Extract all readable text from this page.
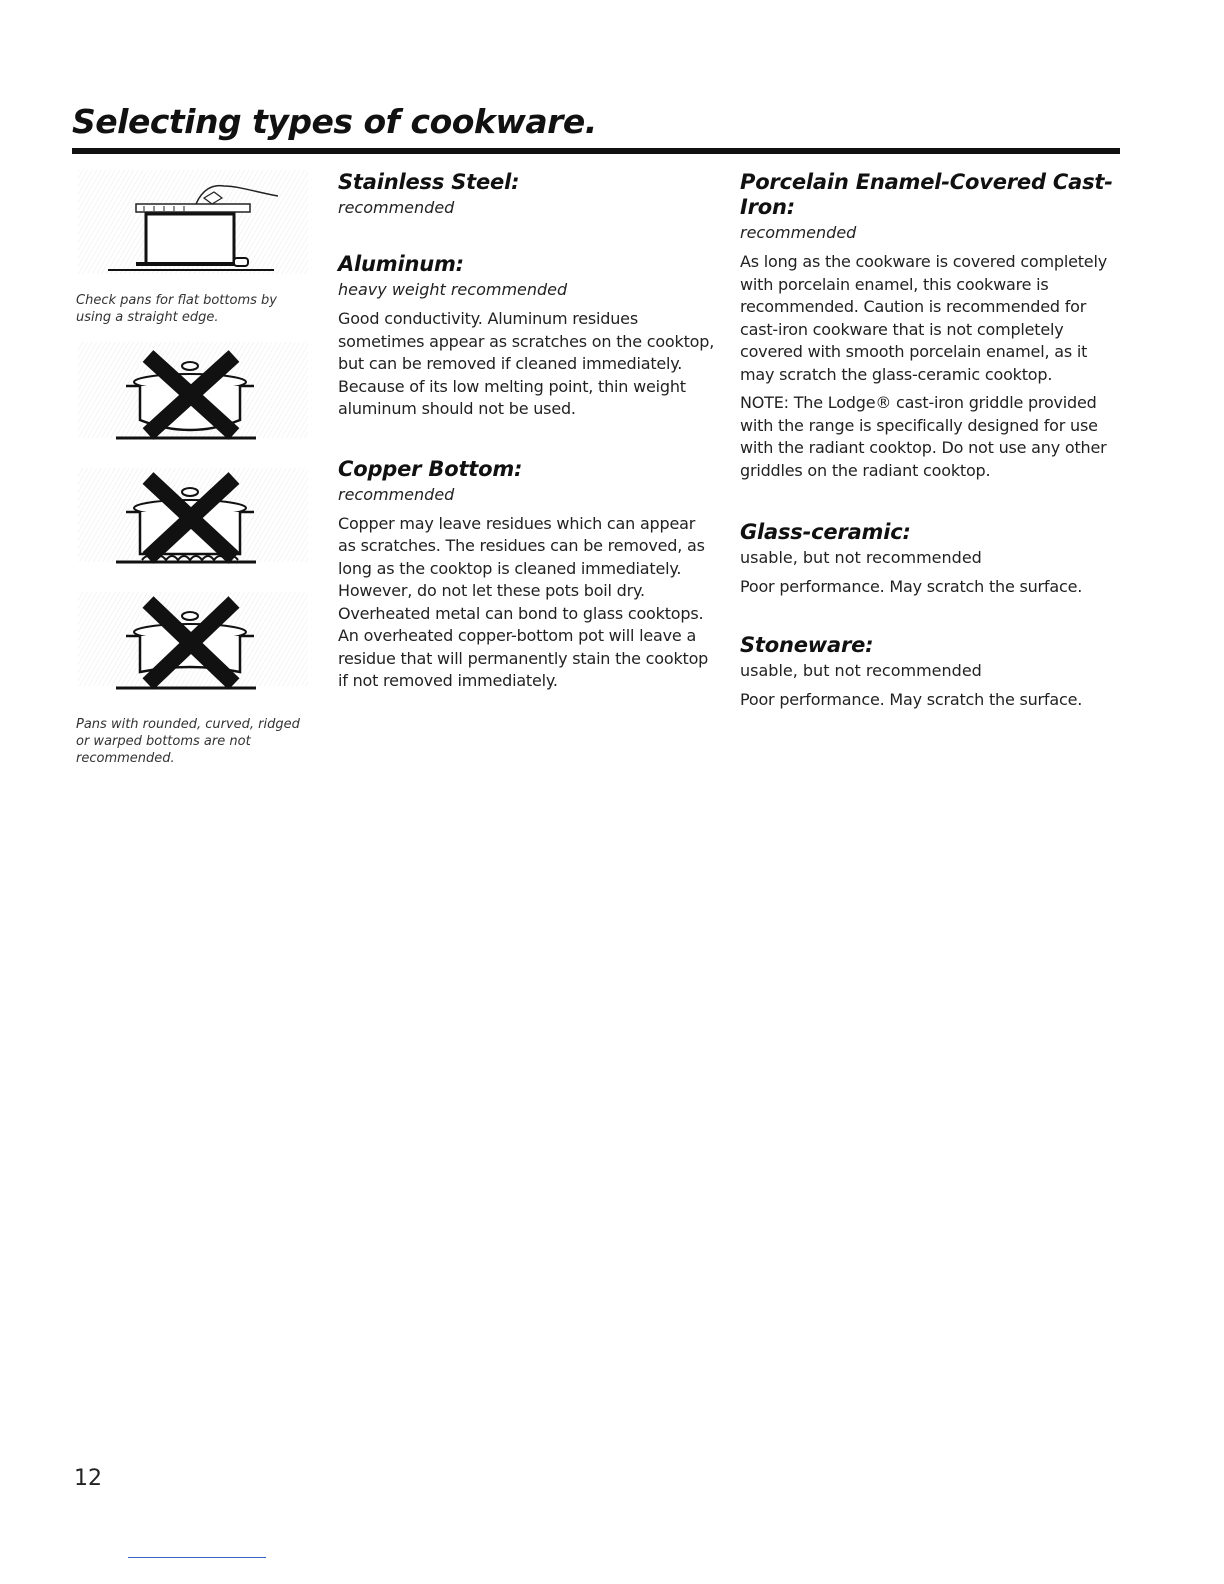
Selecting types of cookware.

Check pans for flat bottoms by using a straight edge.

Pans with rounded, curved, ridged or warped bottoms are not recommended.

Stainless Steel:
recommended
Aluminum:
heavy weight recommended

Good conductivity. Aluminum residues sometimes appear as scratches on the cooktop, but can be removed if cleaned immediately. Because of its low melting point, thin weight aluminum should not be used.

Copper Bottom:
recommended

Copper may leave residues which can appear as scratches. The residues can be removed, as long as the cooktop is cleaned immediately. However, do not let these pots boil dry. Overheated metal can bond to glass cooktops. An overheated copper-bottom pot will leave a residue that will permanently stain the cooktop if not removed immediately.

Porcelain Enamel-Covered Cast-Iron:
recommended

As long as the cookware is covered completely with porcelain enamel, this cookware is recommended. Caution is recommended for cast-iron cookware that is not completely covered with smooth porcelain enamel, as it may scratch the glass-ceramic cooktop.

NOTE: The Lodge® cast-iron griddle provided with the range is specifically designed for use with the radiant cooktop. Do not use any other griddles on the radiant cooktop.

Glass-ceramic:
usable, but not recommended

Poor performance. May scratch the surface.

Stoneware:
usable, but not recommended

Poor performance. May scratch the surface.

12
